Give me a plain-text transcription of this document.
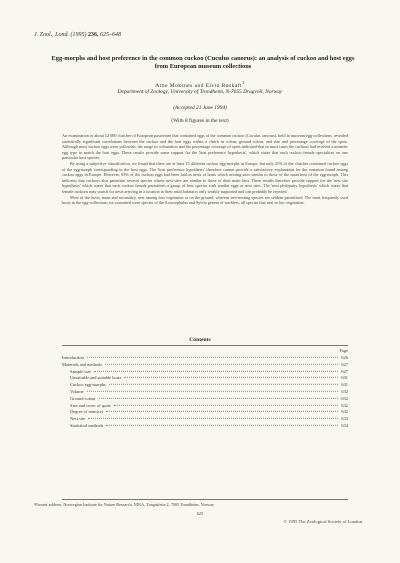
J. Zool., Lond. (1995) 236, 625–648
Egg-morphs and host preference in the common cuckoo (Cuculus canorus): an analysis of cuckoo and host eggs from European museum collections
Arne Moksnes and Eivin Røskaft$^1$
Department of Zoology, University of Trondheim, N-7055 Dragvoll, Norway
(Accepted 21 June 1994)
(With 8 figures in the text)

An examination of about 12 000 clutches of European passerines that contained eggs of the common cuckoo (Cuculus canorus), held in museum egg-collections, revealed statistically significant correlations between the cuckoo and the host eggs within a clutch in colour, ground colour, and size and percentage coverage of the spots. Although most cuckoo eggs were yellowish, the range in colouration and the percentage coverage of spots indicated that in most cases the cuckoos had evolved a mimetic egg type to match the host eggs. These results provide some support for the 'host preference hypothesis', which states that each cuckoo female specialises on one particular host species.

By using a subjective classification, we found that there are at least 15 different cuckoo egg-morphs in Europe, but only 41% of the clutches contained cuckoo eggs of the egg-morph corresponding to the host eggs. The 'host preference hypothesis' therefore cannot provide a satisfactory explanation for the variation found among cuckoo eggs in Europe. However, 93% of the cuckoo eggs had been laid in nests of hosts which nesting sites similar to those of the main host of the egg-morph. This indicates that cuckoos also parasitise several species whose nest sites are similar to those of their main host. These results therefore provide support for the 'nest site hypothesis' which states that each cuckoo female parasitises a group of host species with similar eggs or nest sites. The 'nest philopatry hypothesis' which states that female cuckoos may search for nests arriving in a location in their natal habitat is only weakly supported and can probably be rejected.

Most of the hosts, main and secondary, nest among low vegetation or on the ground, whereas tree-nesting species are seldom parasitised. The most frequently used hosts in the egg-collections we examined were species of the Acrocephalus and Sylvia genera of warblers, all species that nest in low vegetation.

Contents
Page
Introduction	626
Materials and methods	627
Sample size	627
Unsuitable and suitable hosts	631
Cuckoo egg-morphs	631
Volume	632
Ground colour	632
Size and cover of spots	632
Degree of mimicry	632
Nest site	633
Statistical methods	634
¹Present address: Norwegian Institute for Nature Research, NINA, Tungasletta 2, 7005 Trondheim, Norway
625
© 1995 The Zoological Society of London
